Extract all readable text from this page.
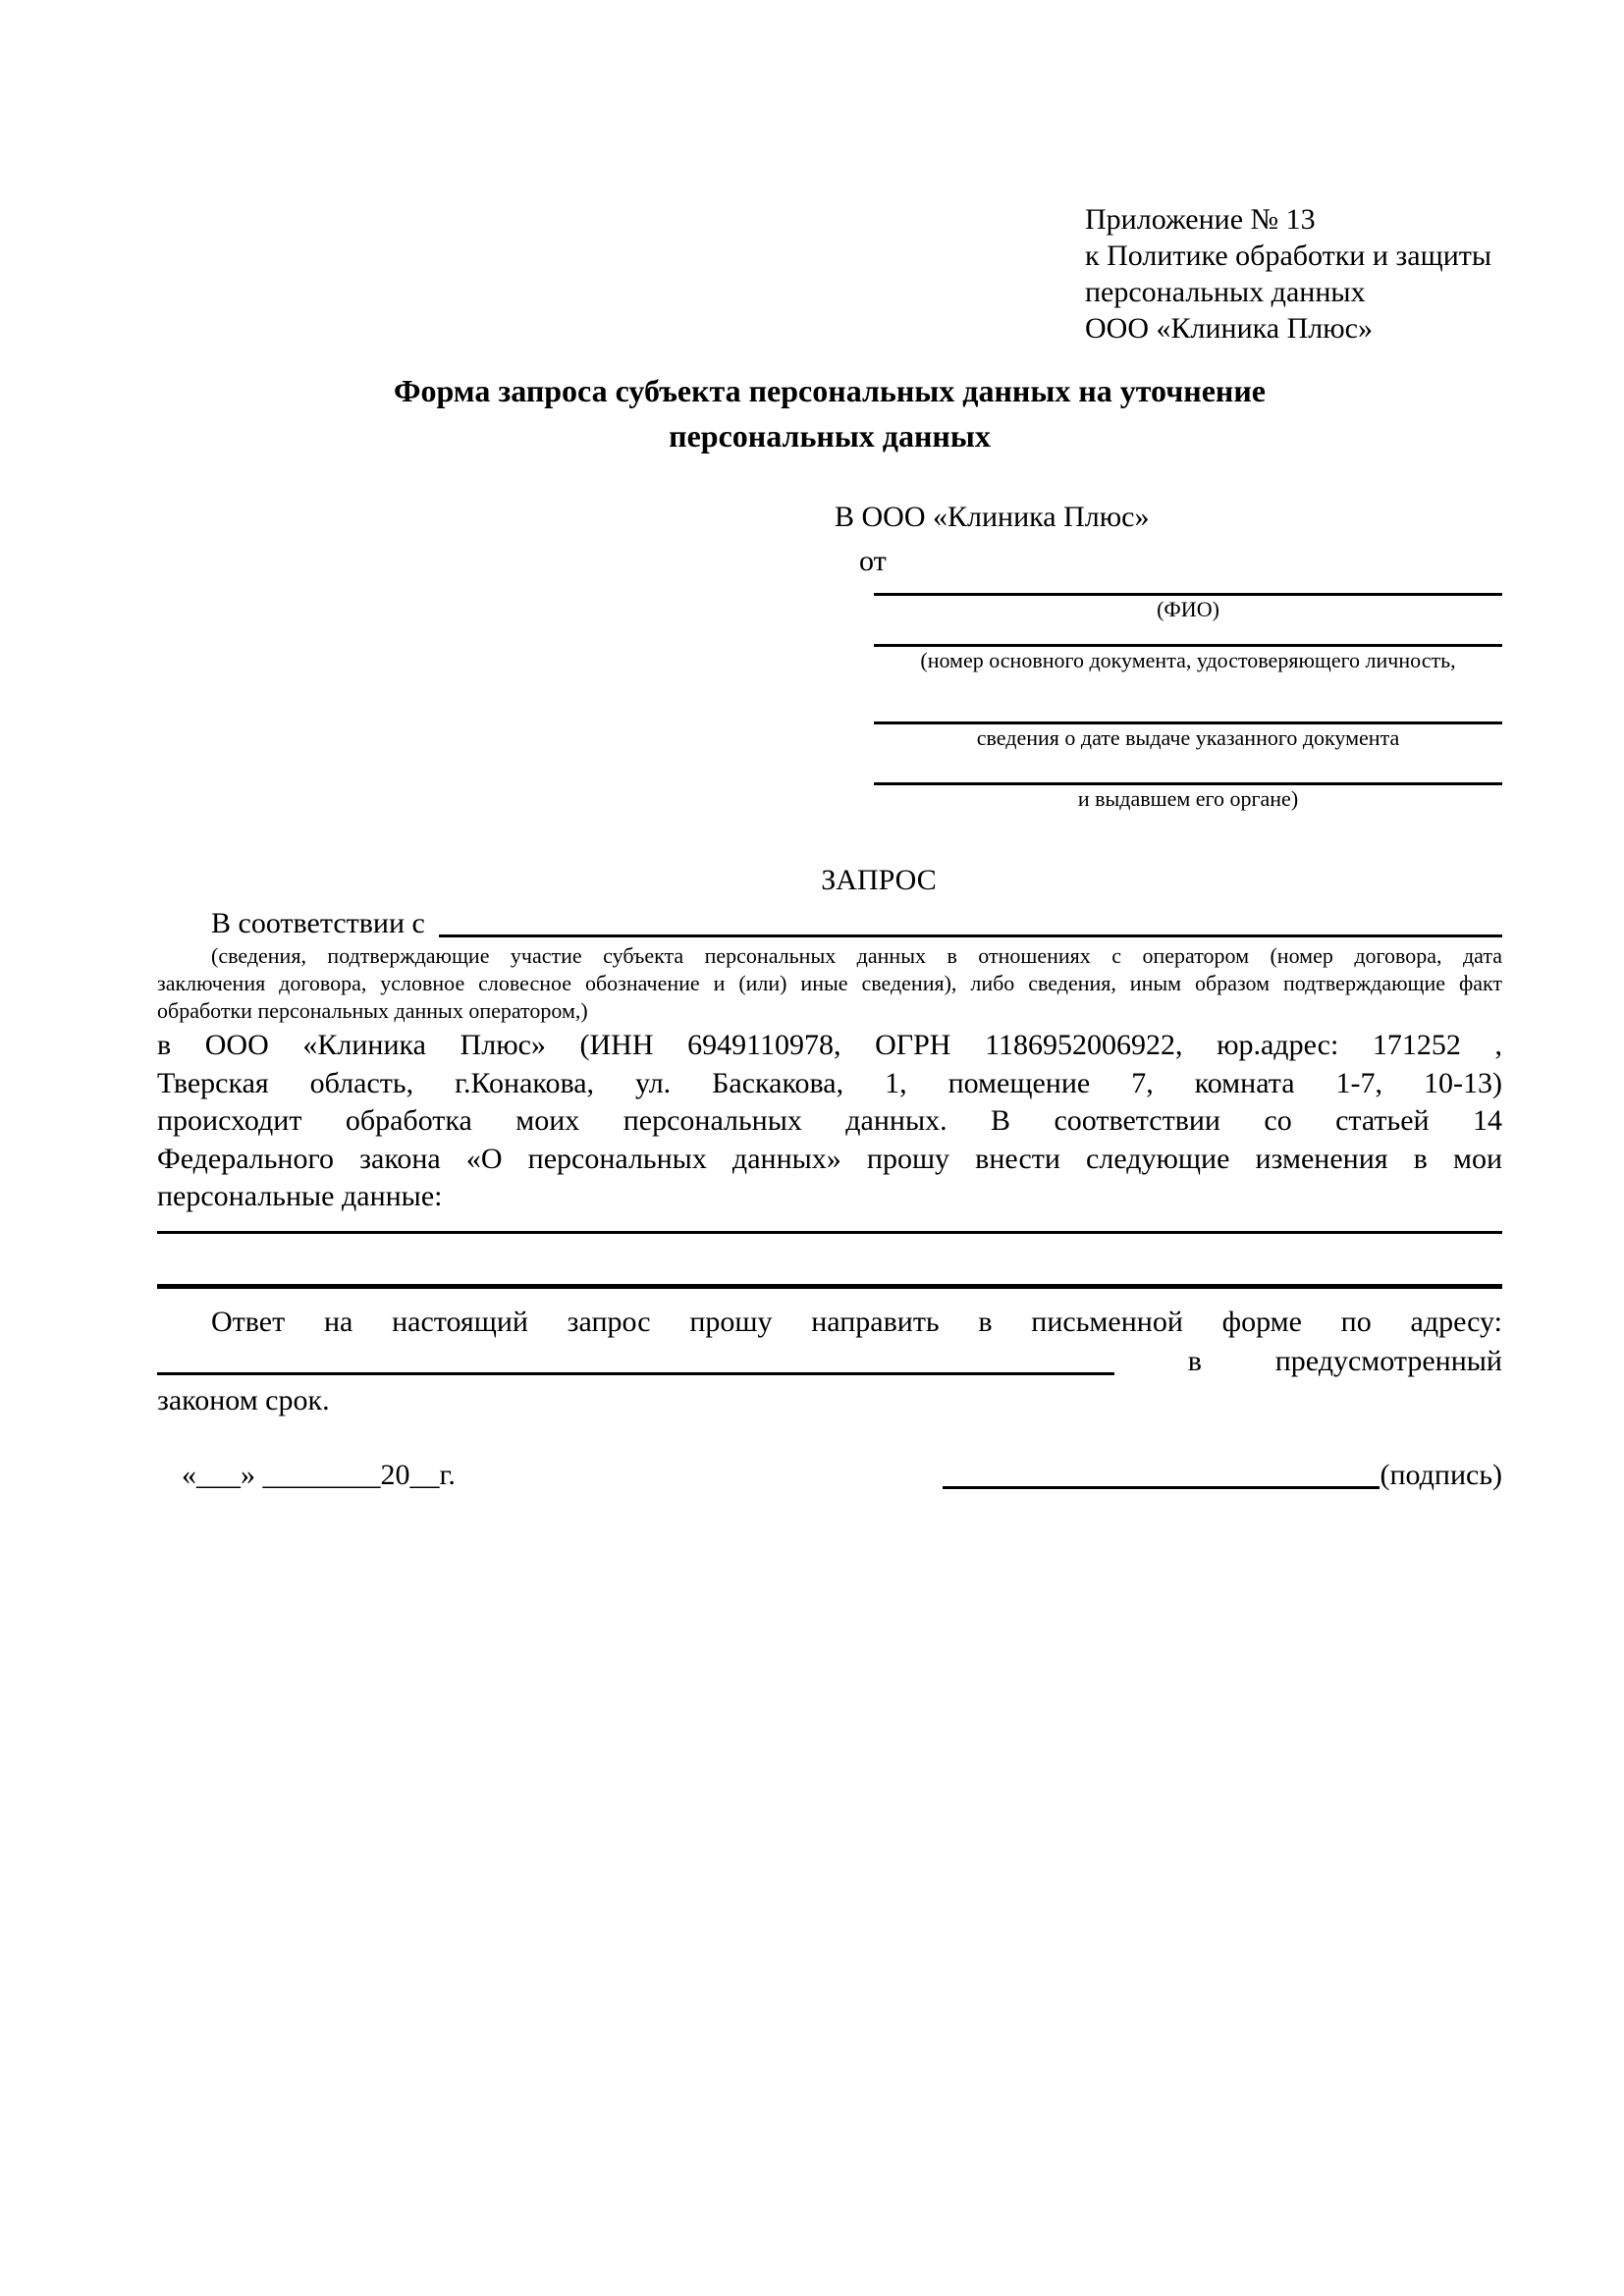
Приложение № 13
к Политике обработки и защиты
персональных данных
ООО «Клиника Плюс»
Форма запроса субъекта персональных данных на уточнение
персональных данных
В ООО «Клиника Плюс»
от
(ФИО)
(номер основного документа, удостоверяющего личность,
сведения о дате выдаче указанного документа
и выдавшем его органе)
ЗАПРОС
В соответствии с
(сведения, подтверждающие участие субъекта персональных данных в отношениях с оператором (номер договора, дата
заключения договора, условное словесное обозначение и (или) иные сведения), либо сведения, иным образом подтверждающие факт
обработки персональных данных оператором,)
в ООО «Клиника Плюс» (ИНН 6949110978, ОГРН 1186952006922, юр.адрес: 171252 ,
Тверская область, г.Конакова, ул. Баскакова, 1, помещение 7, комната 1-7, 10-13)
происходит обработка моих персональных данных. В соответствии со статьей 14
Федерального закона «О персональных данных» прошу внести следующие изменения в мои
персональные данные:
Ответ на настоящий запрос прошу направить в письменной форме по адресу:
в предусмотренный
законом срок.
«___» ________20__г.	(подпись)
